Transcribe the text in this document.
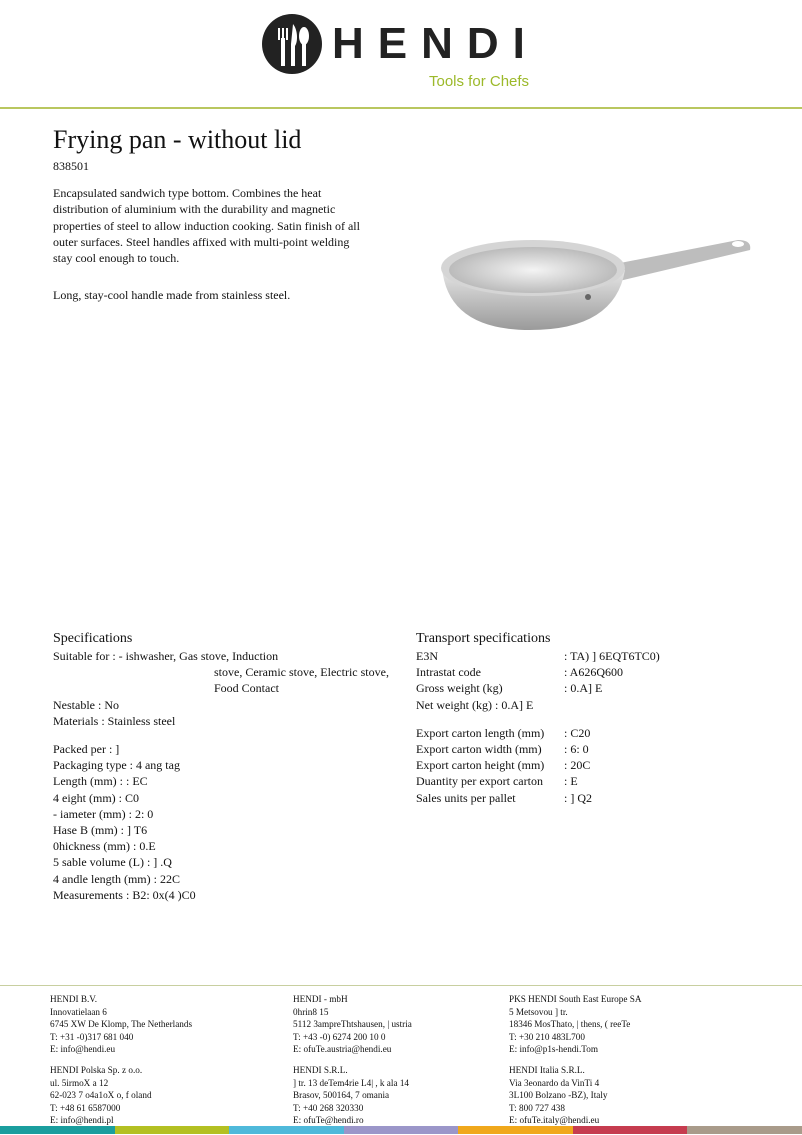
HENDI
Tools for Chefs
Frying pan - without lid
838501
Encapsulated sandwich type bottom. Combines the heat distribution of aluminium with the durability and magnetic properties of steel to allow induction cooking. Satin finish of all outer surfaces. Steel handles affixed with multi-point welding stay cool enough to touch.
Long, stay-cool handle made from stainless steel.
Specifications
Suitable for : - ishwasher, Gas stove, Induction
stove, Ceramic stove, Electric stove,
Food Contact
Nestable : No
Materials : Stainless steel
Packed per : ]
Packaging type : 4 ang tag
Length (mm) : : EC
4 eight (mm) : C0
- iameter (mm) : 2: 0
Hase B (mm) : ] T6
0hickness (mm) : 0.E
5 sable volume (L) : ] .Q
4 andle length (mm) : 22C
Measurements : B2: 0x(4 )C0
Transport specifications
E3N	: TA) ] 6EQT6TC0)
Intrastat code	: A626Q600
Gross weight (kg)	: 0.A] E
Net weight (kg) : 0.A] E
Export carton length (mm)	: C20
Export carton width (mm)	: 6: 0
Export carton height (mm)	: 20C
Duantity per export carton	: E
Sales units per pallet	: ] Q2
HENDI B.V.
Innovatielaan 6
6745 XW De Klomp, The Netherlands
T: +31 -0)317 681 040
E: info@hendi.eu
HENDI Polska Sp. z o.o.
ul. 5irmoX a 12
62-023 7 o4a1oX o, f oland
T: +48 61 6587000
E: info@hendi.pl
HENDI - mbH
0hrin8 15
5112 3ampreThtshausen, | ustria
T: +43 -0) 6274 200 10 0
E: ofuTe.austria@hendi.eu
HENDI S.R.L.
] tr. 13 deTem4rie L4| , k ala 14
Brasov, 500164, 7 omania
T: +40 268 320330
E: ofuTe@hendi.ro
PKS HENDI South East Europe SA
5 Metsovou ] tr.
18346 MosThato, | thens, ( reeTe
T: +30 210 483L700
E: info@p1s-hendi.Tom
HENDI Italia S.R.L.
Via 3eonardo da VinTi 4
3L100 Bolzano -BZ), Italy
T: 800 727 438
E: ofuTe.italy@hendi.eu
